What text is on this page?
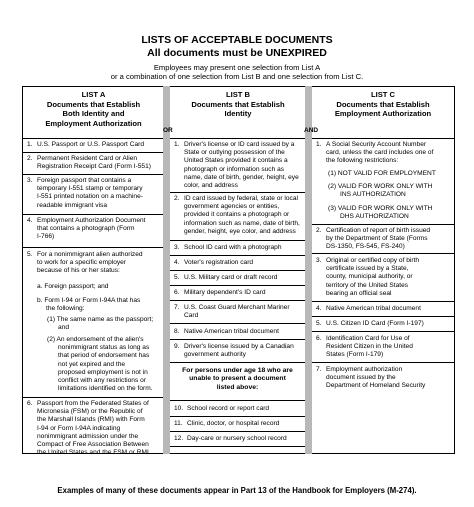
LISTS OF ACCEPTABLE DOCUMENTS
All documents must be UNEXPIRED
Employees may present one selection from List A
or a combination of one selection from List B and one selection from List C.
LIST A
Documents that Establish
Both Identity and
Employment Authorization
OR
LIST B
Documents that Establish
Identity
AND
LIST C
Documents that Establish
Employment Authorization
1. U.S. Passport or U.S. Passport Card
2. Permanent Resident Card or Alien
Registration Receipt Card (Form I-551)
3. Foreign passport that contains a
temporary I-551 stamp or temporary
I-551 printed notation on a machine-
readable immigrant visa
4. Employment Authorization Document
that contains a photograph (Form
I-766)
5. For a nonimmigrant alien authorized
to work for a specific employer
because of his or her status:
a. Foreign passport; and
b. Form I-94 or Form I-94A that has
the following:
(1) The same name as the passport;
and
(2) An endorsement of the alien's
nonimmigrant status as long as
that period of endorsement has
not yet expired and the
proposed employment is not in
conflict with any restrictions or
limitations identified on the form.
6. Passport from the Federated States of
Micronesia (FSM) or the Republic of
the Marshall Islands (RMI) with Form
I-94 or Form I-94A indicating
nonimmigrant admission under the
Compact of Free Association Between
the United States and the FSM or RMI
1. Driver's license or ID card issued by a
State or outlying possession of the
United States provided it contains a
photograph or information such as
name, date of birth, gender, height, eye
color, and address
2. ID card issued by federal, state or local
government agencies or entities,
provided it contains a photograph or
information such as name, date of birth,
gender, height, eye color, and address
3. School ID card with a photograph
4. Voter's registration card
5. U.S. Military card or draft record
6. Military dependent's ID card
7. U.S. Coast Guard Merchant Mariner
Card
8. Native American tribal document
9. Driver's license issued by a Canadian
government authority
For persons under age 18 who are
unable to present a document
listed above:
10. School record or report card
11. Clinic, doctor, or hospital record
12. Day-care or nursery school record
1. A Social Security Account Number
card, unless the card includes one of
the following restrictions:
(1) NOT VALID FOR EMPLOYMENT
(2) VALID FOR WORK ONLY WITH
INS AUTHORIZATION
(3) VALID FOR WORK ONLY WITH
DHS AUTHORIZATION
2. Certification of report of birth issued
by the Department of State (Forms
DS-1350, FS-545, FS-240)
3. Original or certified copy of birth
certificate issued by a State,
county, municipal authority, or
territory of the United States
bearing an official seal
4. Native American tribal document
5. U.S. Citizen ID Card (Form I-197)
6. Identification Card for Use of
Resident Citizen in the United
States (Form I-179)
7. Employment authorization
document issued by the
Department of Homeland Security
Examples of many of these documents appear in Part 13 of the Handbook for Employers (M-274).
